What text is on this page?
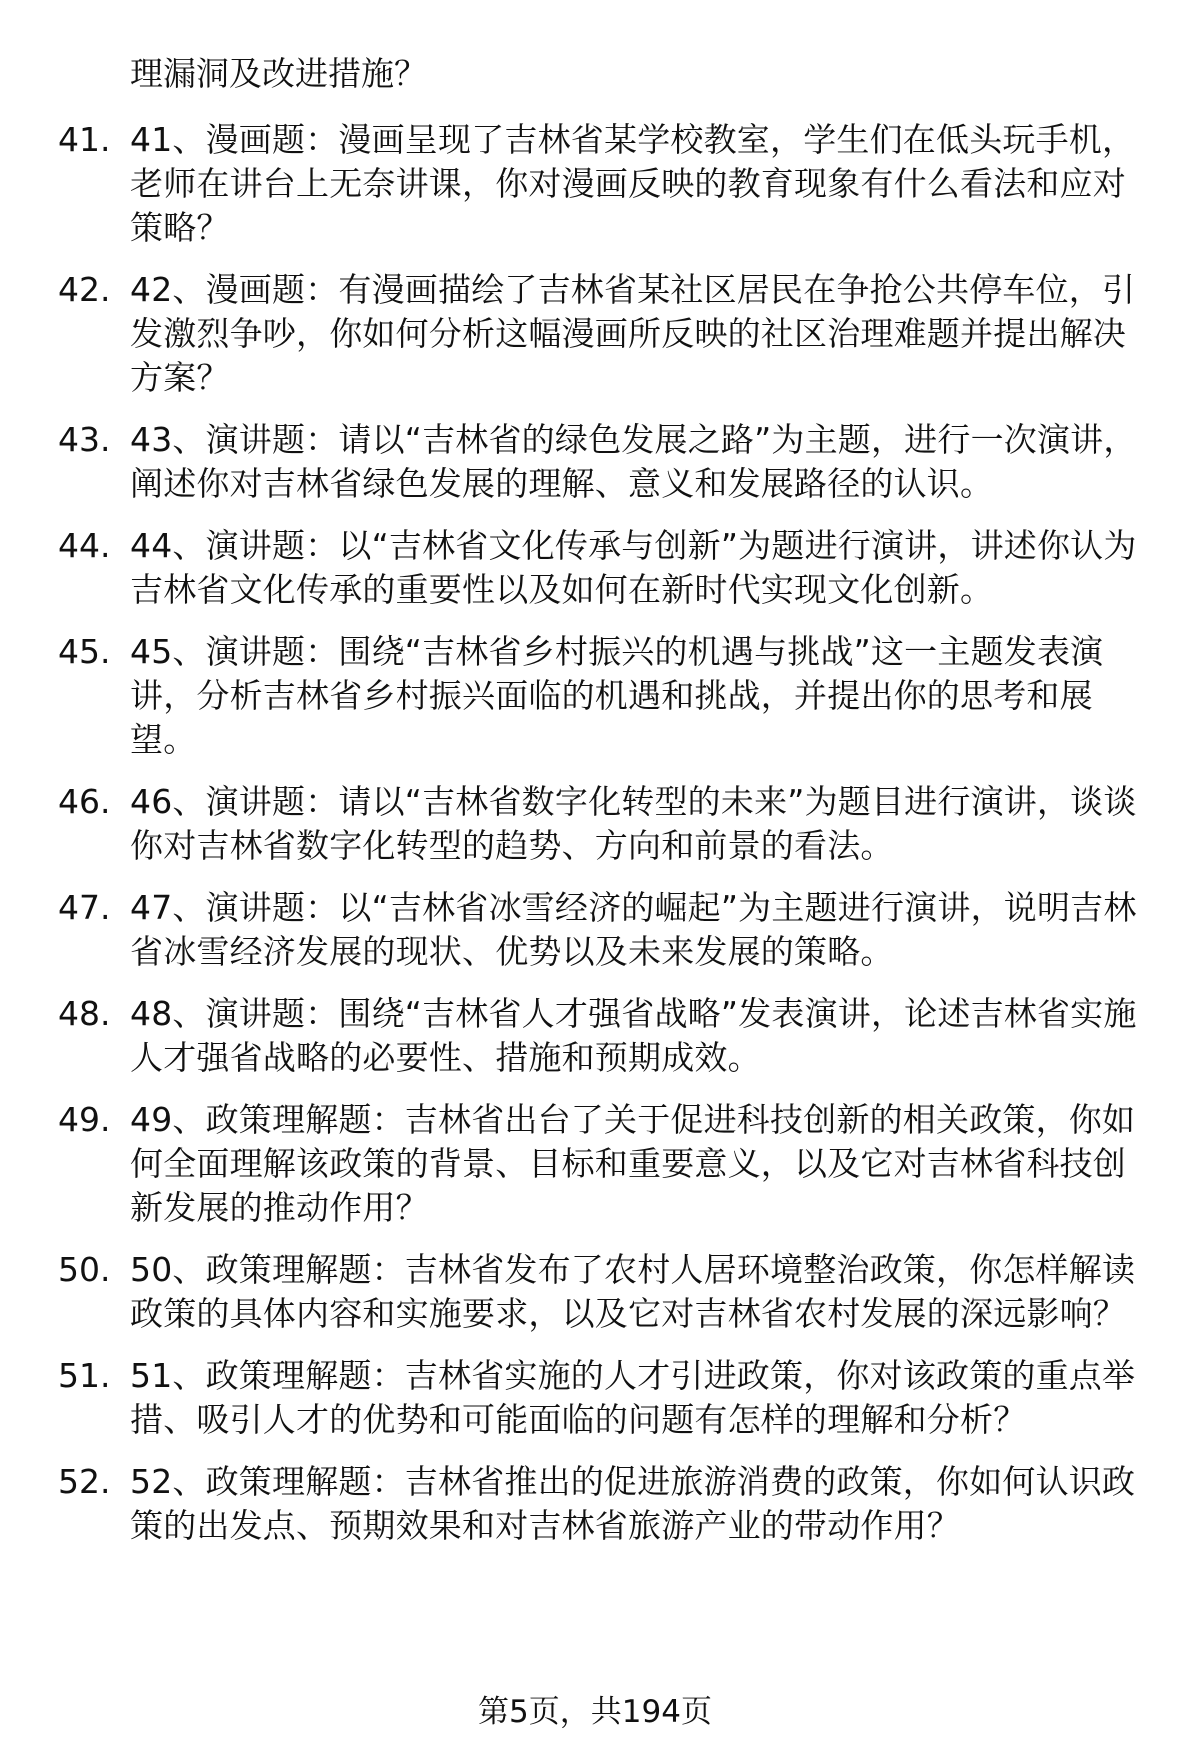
理漏洞及改进措施？

41. 41、漫画题：漫画呈现了吉林省某学校教室，学生们在低头玩手机，老师在讲台上无奈讲课，你对漫画反映的教育现象有什么看法和应对策略？
42. 42、漫画题：有漫画描绘了吉林省某社区居民在争抢公共停车位，引发激烈争吵，你如何分析这幅漫画所反映的社区治理难题并提出解决方案？
43. 43、演讲题：请以“吉林省的绿色发展之路”为主题，进行一次演讲，阐述你对吉林省绿色发展的理解、意义和发展路径的认识。
44. 44、演讲题：以“吉林省文化传承与创新”为题进行演讲，讲述你认为吉林省文化传承的重要性以及如何在新时代实现文化创新。
45. 45、演讲题：围绕“吉林省乡村振兴的机遇与挑战”这一主题发表演讲，分析吉林省乡村振兴面临的机遇和挑战，并提出你的思考和展望。
46. 46、演讲题：请以“吉林省数字化转型的未来”为题目进行演讲，谈谈你对吉林省数字化转型的趋势、方向和前景的看法。
47. 47、演讲题：以“吉林省冰雪经济的崛起”为主题进行演讲，说明吉林省冰雪经济发展的现状、优势以及未来发展的策略。
48. 48、演讲题：围绕“吉林省人才强省战略”发表演讲，论述吉林省实施人才强省战略的必要性、措施和预期成效。
49. 49、政策理解题：吉林省出台了关于促进科技创新的相关政策，你如何全面理解该政策的背景、目标和重要意义，以及它对吉林省科技创新发展的推动作用？
50. 50、政策理解题：吉林省发布了农村人居环境整治政策，你怎样解读政策的具体内容和实施要求，以及它对吉林省农村发展的深远影响？
51. 51、政策理解题：吉林省实施的人才引进政策，你对该政策的重点举措、吸引人才的优势和可能面临的问题有怎样的理解和分析？
52. 52、政策理解题：吉林省推出的促进旅游消费的政策，你如何认识政策的出发点、预期效果和对吉林省旅游产业的带动作用？
第5页，共194页
